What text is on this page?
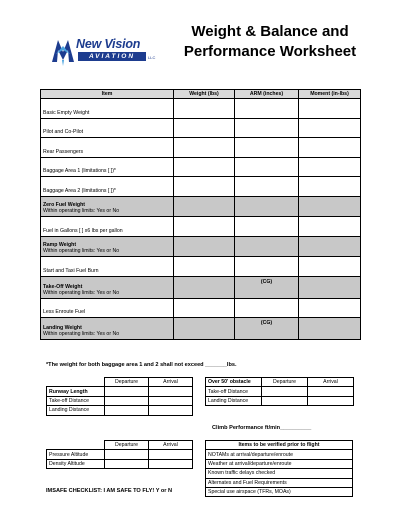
New Vision
AVIATION	LLC
Weight & Balance and
Performance Worksheet
Item	Weight (lbs)	ARM (inches)	Moment (in-lbs)

Basic Empty Weight			

Pilot and Co-Pilot			

Rear Passengers			

Baggage Area 1 (limitations [ ])*			

Baggage Area 2 (limitations [ ])*			

Zero Fuel Weight
Within operating limits: Yes or No			

Fuel in Gallons [ ] x6 lbs per gallon			

Ramp Weight
Within operating limits: Yes or No			

Start and Taxi Fuel Burn			

Take-Off Weight
Within operating limits: Yes or No		(CG)	

Less Enroute Fuel			

Landing Weight
Within operating limits: Yes or No		(CG)	
*The weight for both baggage area 1 and 2 shall not exceed _______lbs.
	Departure	Arrival
Runway Length		
Take-off Distance		
Landing Distance		
Over 50' obstacle	Departure	Arrival
Take-off Distance		
Landing Distance		
Climb Performance ft/min__________
	Departure	Arrival
Pressure Altitude		
Density Altitude		
Items to be verified prior to flight
NOTAMs at arrival/departure/enroute
Weather at arrival/departure/enroute
Known traffic delays checked
Alternates and Fuel Requirements
Special use airspace (TFRs, MOAs)
IMSAFE CHECKLIST: I AM SAFE TO FLY! Y or N
